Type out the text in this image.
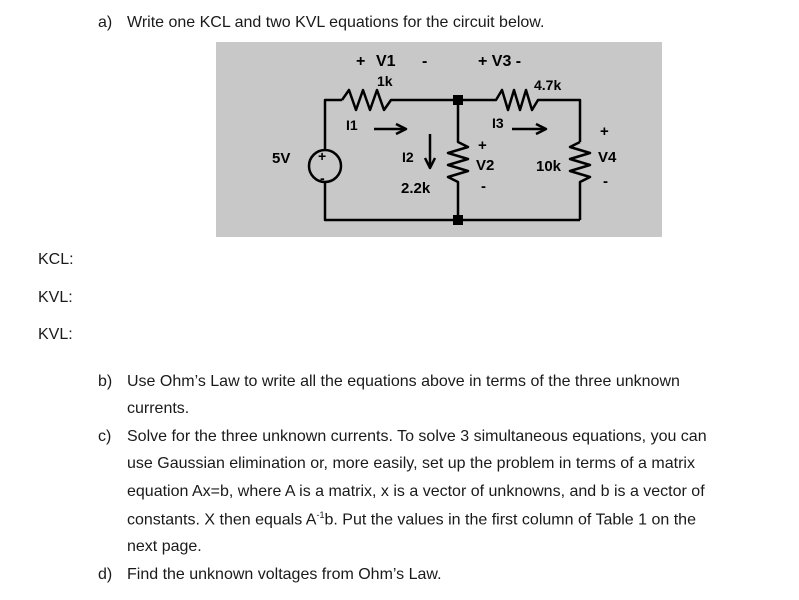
a) Write one KCL and two KVL equations for the circuit below.
+ V1 -	+ V3 -
1k	4.7k
5V +
-
I1
I2
2.2k
I3
+
V2
-
10k
+
V4
-
KCL:
KVL:
KVL:
b) Use Ohm’s Law to write all the equations above in terms of the three unknown
currents.
c) Solve for the three unknown currents. To solve 3 simultaneous equations, you can
use Gaussian elimination or, more easily, set up the problem in terms of a matrix
equation Ax=b, where A is a matrix, x is a vector of unknowns, and b is a vector of
constants. X then equals $A^{-1}b$. Put the values in the first column of Table 1 on the
next page.
d) Find the unknown voltages from Ohm’s Law.
